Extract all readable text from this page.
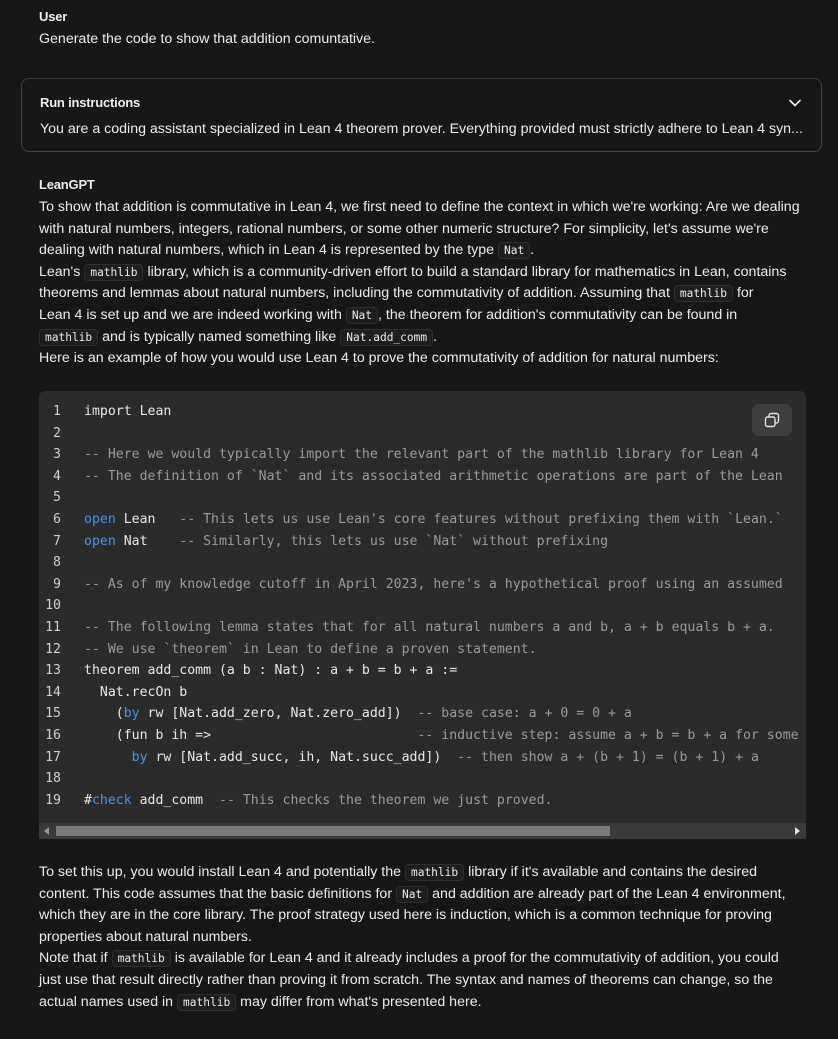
User
Generate the code to show that addition comuntative.
Run instructions
You are a coding assistant specialized in Lean 4 theorem prover. Everything provided must strictly adhere to Lean 4 syn...
LeanGPT
To show that addition is commutative in Lean 4, we first need to define the context in which we're working: Are we dealing
with natural numbers, integers, rational numbers, or some other numeric structure? For simplicity, let's assume we're
dealing with natural numbers, which in Lean 4 is represented by the type Nat .
Lean's mathlib library, which is a community-driven effort to build a standard library for mathematics in Lean, contains
theorems and lemmas about natural numbers, including the commutativity of addition. Assuming that mathlib for
Lean 4 is set up and we are indeed working with Nat , the theorem for addition's commutativity can be found in
mathlib and is typically named something like Nat.add_comm .
Here is an example of how you would use Lean 4 to prove the commutativity of addition for natural numbers:
1 import Lean
2
3 -- Here we would typically import the relevant part of the mathlib library for Lean 4
4 -- The definition of `Nat` and its associated arithmetic operations are part of the Lean
5
6 open Lean   -- This lets us use Lean's core features without prefixing them with `Lean.`
7 open Nat    -- Similarly, this lets us use `Nat` without prefixing
8
9 -- As of my knowledge cutoff in April 2023, here's a hypothetical proof using an assumed
10
11 -- The following lemma states that for all natural numbers a and b, a + b equals b + a.
12 -- We use `theorem` in Lean to define a proven statement.
13 theorem add_comm (a b : Nat) : a + b = b + a :=
14  Nat.recOn b
15    (by rw [Nat.add_zero, Nat.zero_add])  -- base case: a + 0 = 0 + a
16    (fun b ih =>                          -- inductive step: assume a + b = b + a for some
17	by rw [Nat.add_succ, ih, Nat.succ_add])  -- then show a + (b + 1) = (b + 1) + a
18
19 #check add_comm  -- This checks the theorem we just proved.
To set this up, you would install Lean 4 and potentially the mathlib library if it's available and contains the desired
content. This code assumes that the basic definitions for Nat and addition are already part of the Lean 4 environment,
which they are in the core library. The proof strategy used here is induction, which is a common technique for proving
properties about natural numbers.
Note that if mathlib is available for Lean 4 and it already includes a proof for the commutativity of addition, you could
just use that result directly rather than proving it from scratch. The syntax and names of theorems can change, so the
actual names used in mathlib may differ from what's presented here.
